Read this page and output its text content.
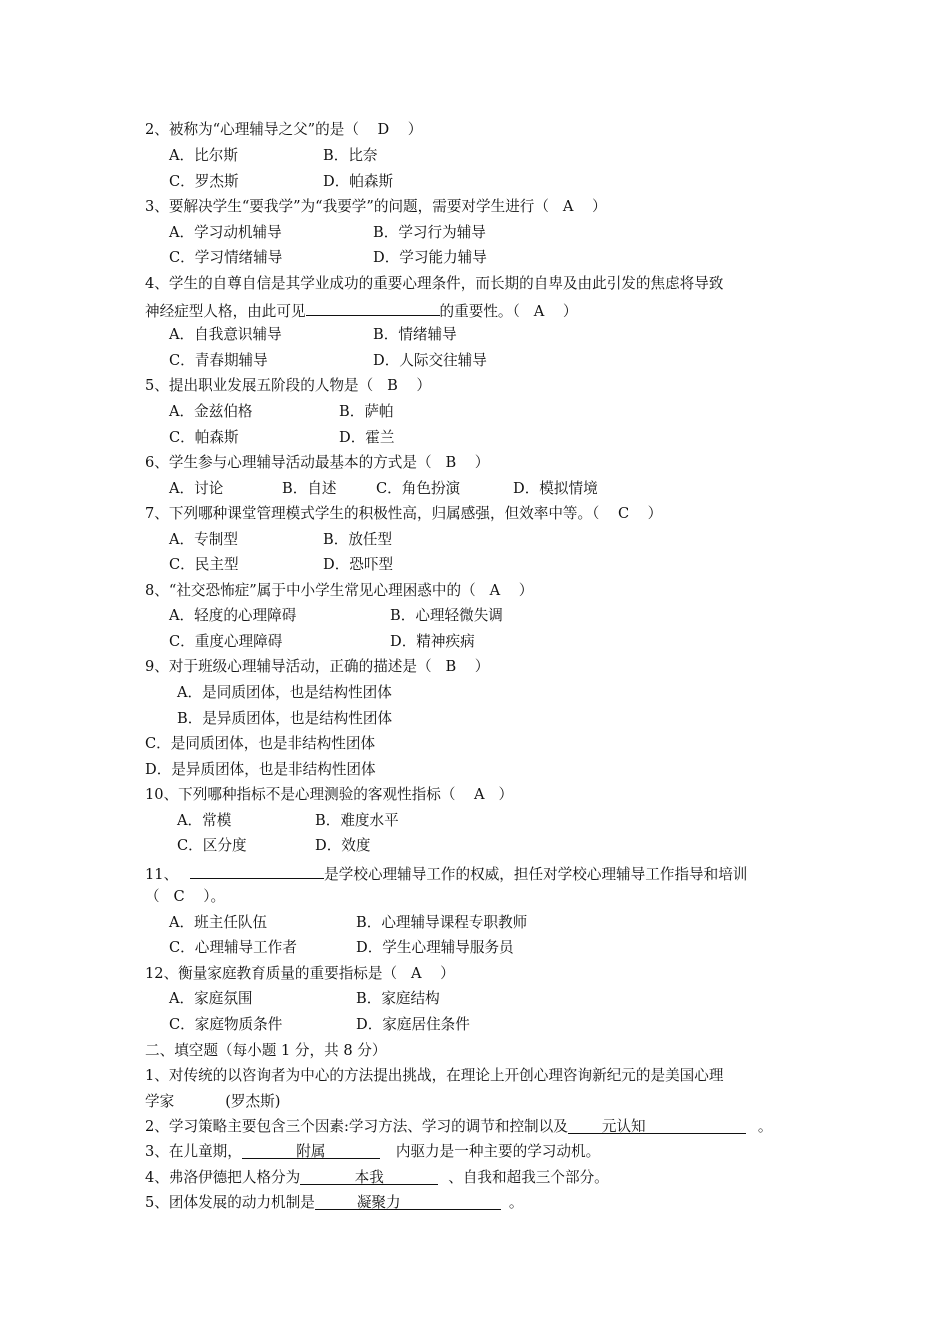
2、被称为“心理辅导之父”的是（    D    ）
A．比尔斯	B．比奈
C．罗杰斯	D．帕森斯
3、要解决学生“要我学”为“我要学”的问题，需要对学生进行（   A    ）
A．学习动机辅导	B．学习行为辅导
C．学习情绪辅导	D．学习能力辅导
4、学生的自尊自信是其学业成功的重要心理条件，而长期的自卑及由此引发的焦虑将导致
神经症型人格，由此可见	的重要性。（   A    ）
A．自我意识辅导	B．情绪辅导
C．青春期辅导	D．人际交往辅导
5、提出职业发展五阶段的人物是（   B    ）
A．金兹伯格	B．萨帕
C．帕森斯	D．霍兰
6、学生参与心理辅导活动最基本的方式是（   B    ）
A．讨论	B．自述	C．角色扮演	D．模拟情境
7、下列哪种课堂管理模式学生的积极性高，归属感强，但效率中等。（    C    ）
A．专制型	B．放任型
C．民主型	D．恐吓型
8、“社交恐怖症”属于中小学生常见心理困惑中的（   A    ）
A．轻度的心理障碍	B．心理轻微失调
C．重度心理障碍	D．精神疾病
9、对于班级心理辅导活动，正确的描述是（   B    ）
A．是同质团体，也是结构性团体
B．是异质团体，也是结构性团体
C．是同质团体，也是非结构性团体
D．是异质团体，也是非结构性团体
10、下列哪种指标不是心理测验的客观性指标（    A   ）
A．常模	B．难度水平
C．区分度	D．效度
11、	是学校心理辅导工作的权威，担任对学校心理辅导工作指导和培训
（   C    ）。
A．班主任队伍	B．心理辅导课程专职教师
C．心理辅导工作者	D．学生心理辅导服务员
12、衡量家庭教育质量的重要指标是（   A    ）
A．家庭氛围	B．家庭结构
C．家庭物质条件	D．家庭居住条件
二、填空题（每小题 1 分，共 8 分）
1、对传统的以咨询者为中心的方法提出挑战，在理论上开创心理咨询新纪元的是美国心理
学家           (罗杰斯)
2、学习策略主要包含三个因素:学习方法、学习的调节和控制以及 元认知	。
3、在儿童期，	附属	内驱力是一种主要的学习动机。
4、弗洛伊德把人格分为	本我	、自我和超我三个部分。
5、团体发展的动力机制是	凝聚力	。
